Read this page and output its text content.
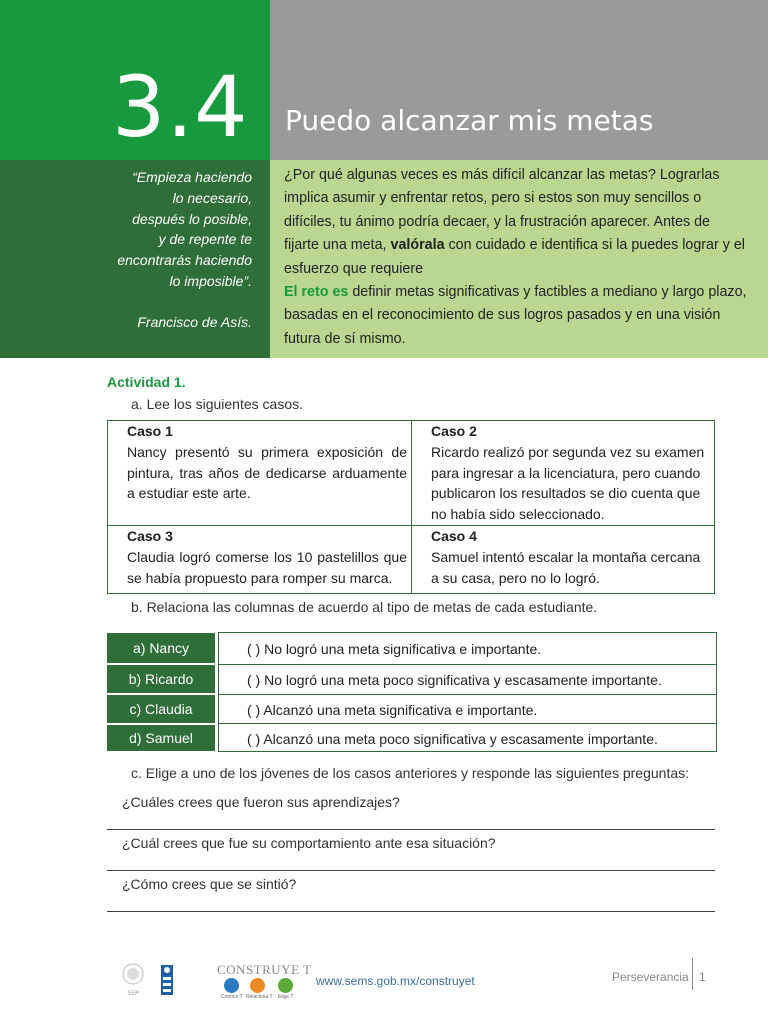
3.4 Puedo alcanzar mis metas
“Empieza haciendo
lo necesario,
después lo posible,
y de repente te
encontrarás haciendo
lo imposible”.
Francisco de Asís.

¿Por qué algunas veces es más difícil alcanzar las metas? Lograrlas implica asumir y enfrentar retos, pero si estos son muy sencillos o difíciles, tu ánimo podría decaer, y la frustración aparecer. Antes de fijarte una meta, valórala con cuidado e identifica si la puedes lograr y el esfuerzo que requiere

El reto es definir metas significativas y factibles a mediano y largo plazo, basadas en el reconocimiento de sus logros pasados y en una visión futura de sí mismo.

Actividad 1.
a. Lee los siguientes casos.
Caso 1
Nancy presentó su primera exposición de pintura, tras años de dedicarse arduamente a estudiar este arte.
Caso 2
Ricardo realizó por segunda vez su examen para ingresar a la licenciatura, pero cuando publicaron los resultados se dio cuenta que no había sido seleccionado.
Caso 3
Claudia logró comerse los 10 pastelillos que se había propuesto para romper su marca.
Caso 4
Samuel intentó escalar la montaña cercana a su casa, pero no lo logró.
b. Relaciona las columnas de acuerdo al tipo de metas de cada estudiante.
a) Nancy
b) Ricardo
c) Claudia
d) Samuel
( ) No logró una meta significativa e importante.
( ) No logró una meta poco significativa y escasamente importante.
( ) Alcanzó una meta significativa e importante.
( ) Alcanzó una meta poco significativa y escasamente importante.
c. Elige a uno de los jóvenes de los casos anteriores y responde las siguientes preguntas:
¿Cuáles crees que fueron sus aprendizajes?
¿Cuál crees que fue su comportamiento ante esa situación?
¿Cómo crees que se sintió?
SEP
CONSTRUYE T
Conoce T Relaciona T Elige T
www.sems.gob.mx/construyet	Perseverancia 1
